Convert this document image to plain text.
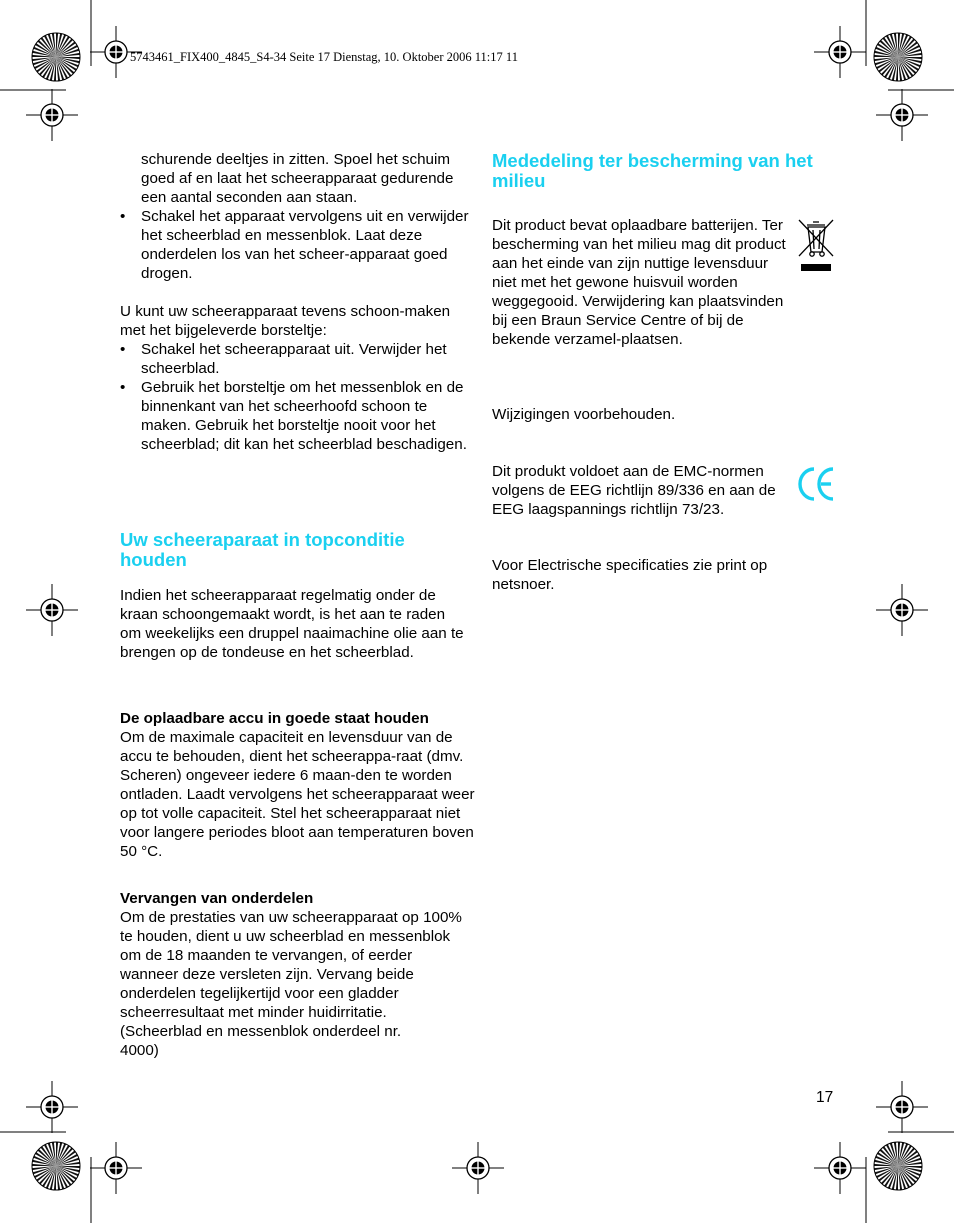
5743461_FIX400_4845_S4-34 Seite 17 Dienstag, 10. Oktober 2006 11:17 11

schurende deeltjes in zitten. Spoel het schuim goed af en laat het scheerapparaat gedurende een aantal seconden aan staan.

• Schakel het apparaat vervolgens uit en verwijder het scheerblad en messenblok. Laat deze onderdelen los van het scheer-apparaat goed drogen.

U kunt uw scheerapparaat tevens schoon-maken met het bijgeleverde borsteltje:

• Schakel het scheerapparaat uit. Verwijder het scheerblad.

• Gebruik het borsteltje om het messenblok en de binnenkant van het scheerhoofd schoon te maken. Gebruik het borsteltje nooit voor het scheerblad; dit kan het scheerblad beschadigen.

Uw scheeraparaat in topconditie houden

Indien het scheerapparaat regelmatig onder de kraan schoongemaakt wordt, is het aan te raden om weekelijks een druppel naaimachine olie aan te brengen op de tondeuse en het scheerblad.

De oplaadbare accu in goede staat houden

Om de maximale capaciteit en levensduur van de accu te behouden, dient het scheerappa-raat (dmv. Scheren) ongeveer iedere 6 maan-den te worden ontladen. Laadt vervolgens het scheerapparaat weer op tot volle capaciteit. Stel het scheerapparaat niet voor langere periodes bloot aan temperaturen boven 50 °C.

Vervangen van onderdelen

Om de prestaties van uw scheerapparaat op 100% te houden, dient u uw scheerblad en messenblok om de 18 maanden te vervangen, of eerder wanneer deze versleten zijn. Vervang beide onderdelen tegelijkertijd voor een gladder scheerresultaat met minder huidirritatie.

(Scheerblad en messenblok onderdeel nr. 4000)

Mededeling ter bescherming van het milieu

Dit product bevat oplaadbare batterijen. Ter bescherming van het milieu mag dit product aan het einde van zijn nuttige levensduur niet met het gewone huisvuil worden weggegooid. Verwijdering kan plaatsvinden bij een Braun Service Centre of bij de bekende verzamel-plaatsen.

Wijzigingen voorbehouden.

Dit produkt voldoet aan de EMC-normen volgens de EEG richtlijn 89/336 en aan de EEG laagspannings richtlijn 73/23.

Voor Electrische specificaties zie print op netsnoer.

17
